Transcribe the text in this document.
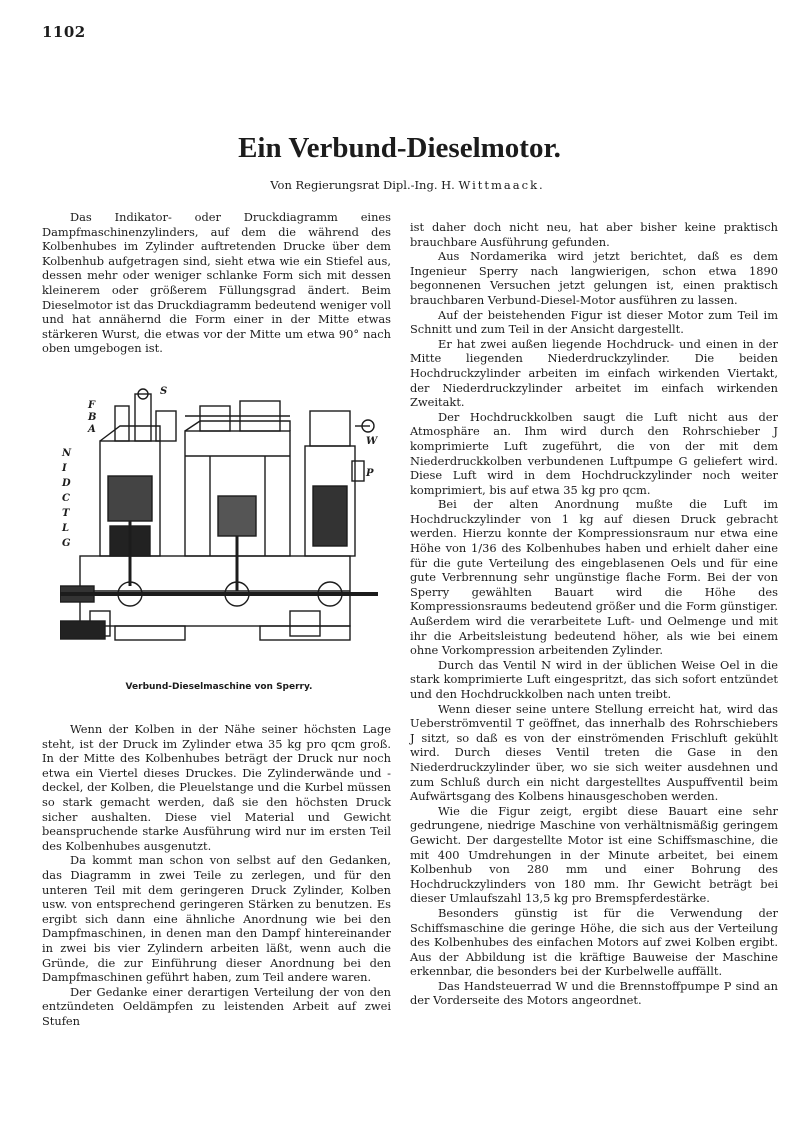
1102
Ein Verbund-Dieselmotor.
Von Regierungsrat Dipl.-Ing. H. Wittmaack.

Das Indikator- oder Druckdiagramm eines Dampfmaschinenzylinders, auf dem die während des Kolbenhubes im Zylinder auftretenden Drucke über dem Kolbenhub aufgetragen sind, sieht etwa wie ein Stiefel aus, dessen mehr oder weniger schlanke Form sich mit dessen kleinerem oder größerem Füllungsgrad ändert. Beim Dieselmotor ist das Druckdiagramm bedeutend weniger voll und hat annähernd die Form einer in der Mitte etwas stärkeren Wurst, die etwas vor der Mitte um etwa 90° nach oben umgebogen ist.

N
I
D
C
T
L
G
F
B
A
S
W
P
Verbund-Dieselmaschine von Sperry.

Wenn der Kolben in der Nähe seiner höchsten Lage steht, ist der Druck im Zylinder etwa 35 kg pro qcm groß. In der Mitte des Kolbenhubes beträgt der Druck nur noch etwa ein Viertel dieses Druckes. Die Zylinderwände und -deckel, der Kolben, die Pleuelstange und die Kurbel müssen so stark gemacht werden, daß sie den höchsten Druck sicher aushalten. Diese viel Material und Gewicht beanspruchende starke Ausführung wird nur im ersten Teil des Kolbenhubes ausgenutzt.

Da kommt man schon von selbst auf den Gedanken, das Diagramm in zwei Teile zu zerlegen, und für den unteren Teil mit dem geringeren Druck Zylinder, Kolben usw. von entsprechend geringeren Stärken zu benutzen. Es ergibt sich dann eine ähnliche Anordnung wie bei den Dampfmaschinen, in denen man den Dampf hintereinander in zwei bis vier Zylindern arbeiten läßt, wenn auch die Gründe, die zur Einführung dieser Anordnung bei den Dampfmaschinen geführt haben, zum Teil andere waren.

Der Gedanke einer derartigen Verteilung der von den entzündeten Oeldämpfen zu leistenden Arbeit auf zwei Stufen

ist daher doch nicht neu, hat aber bisher keine praktisch brauchbare Ausführung gefunden.

Aus Nordamerika wird jetzt berichtet, daß es dem Ingenieur Sperry nach langwierigen, schon etwa 1890 begonnenen Versuchen jetzt gelungen ist, einen praktisch brauchbaren Verbund-Diesel-Motor ausführen zu lassen.

Auf der beistehenden Figur ist dieser Motor zum Teil im Schnitt und zum Teil in der Ansicht dargestellt.

Er hat zwei außen liegende Hochdruck- und einen in der Mitte liegenden Niederdruckzylinder. Die beiden Hochdruckzylinder arbeiten im einfach wirkenden Viertakt, der Niederdruckzylinder arbeitet im einfach wirkenden Zweitakt.

Der Hochdruckkolben saugt die Luft nicht aus der Atmosphäre an. Ihm wird durch den Rohrschieber J komprimierte Luft zugeführt, die von der mit dem Niederdruckkolben verbundenen Luftpumpe G geliefert wird. Diese Luft wird in dem Hochdruckzylinder noch weiter komprimiert, bis auf etwa 35 kg pro qcm.

Bei der alten Anordnung mußte die Luft im Hochdruckzylinder von 1 kg auf diesen Druck gebracht werden. Hierzu konnte der Kompressionsraum nur etwa eine Höhe von 1/36 des Kolbenhubes haben und erhielt daher eine für die gute Verteilung des eingeblasenen Oels und für eine gute Verbrennung sehr ungünstige flache Form. Bei der von Sperry gewählten Bauart wird die Höhe des Kompressionsraums bedeutend größer und die Form günstiger. Außerdem wird die verarbeitete Luft- und Oelmenge und mit ihr die Arbeitsleistung bedeutend höher, als wie bei einem ohne Vorkompression arbeitenden Zylinder.

Durch das Ventil N wird in der üblichen Weise Oel in die stark komprimierte Luft eingespritzt, das sich sofort entzündet und den Hochdruckkolben nach unten treibt.

Wenn dieser seine untere Stellung erreicht hat, wird das Ueberströmventil T geöffnet, das innerhalb des Rohrschiebers J sitzt, so daß es von der einströmenden Frischluft gekühlt wird. Durch dieses Ventil treten die Gase in den Niederdruckzylinder über, wo sie sich weiter ausdehnen und zum Schluß durch ein nicht dargestelltes Auspuffventil beim Aufwärtsgang des Kolbens hinausgeschoben werden.

Wie die Figur zeigt, ergibt diese Bauart eine sehr gedrungene, niedrige Maschine von verhältnismäßig geringem Gewicht. Der dargestellte Motor ist eine Schiffsmaschine, die mit 400 Umdrehungen in der Minute arbeitet, bei einem Kolbenhub von 280 mm und einer Bohrung des Hochdruckzylinders von 180 mm. Ihr Gewicht beträgt bei dieser Umlaufszahl 13,5 kg pro Bremspferdestärke.

Besonders günstig ist für die Verwendung der Schiffsmaschine die geringe Höhe, die sich aus der Verteilung des Kolbenhubes des einfachen Motors auf zwei Kolben ergibt. Aus der Abbildung ist die kräftige Bauweise der Maschine erkennbar, die besonders bei der Kurbelwelle auffällt.

Das Handsteuerrad W und die Brennstoffpumpe P sind an der Vorderseite des Motors angeordnet.
